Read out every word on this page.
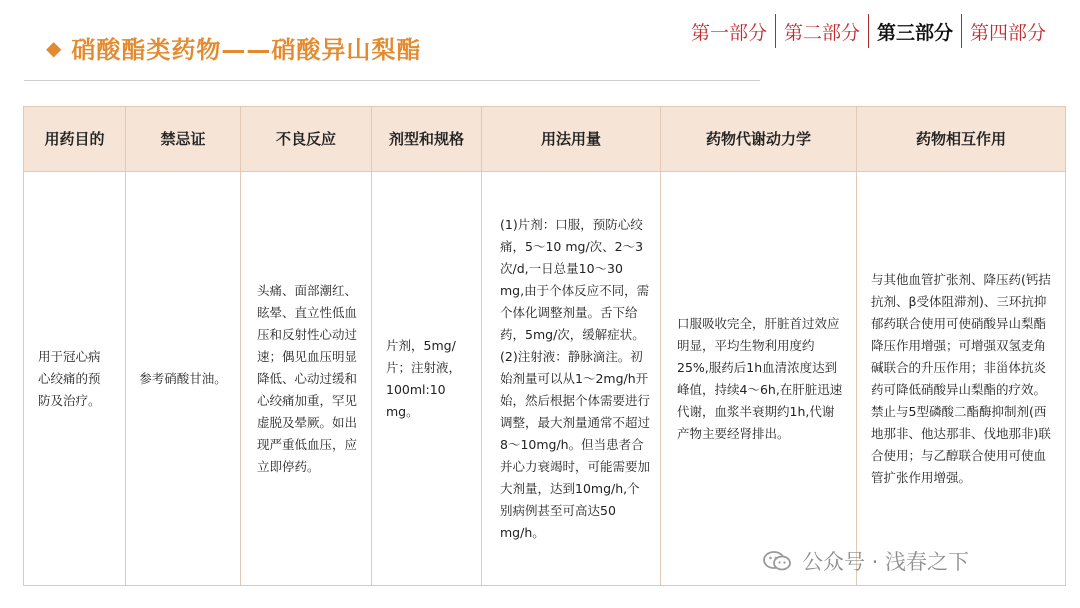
◆ 硝酸酯类药物——硝酸异山梨酯
第一部分 第二部分 第三部分 第四部分
用药目的	禁忌证	不良反应	剂型和规格	用法用量	药物代谢动力学	药物相互作用
用于冠心病心绞痛的预防及治疗。	参考硝酸甘油。	头痛、面部潮红、眩晕、直立性低血压和反射性心动过速；偶见血压明显降低、心动过缓和心绞痛加重，罕见虚脱及晕厥。如出现严重低血压，应立即停药。	片剂，5mg/片；注射液，100ml:10 mg。	(1)片剂：口服，预防心绞痛，5～10 mg/次、2～3次/d,一日总量10～30 mg,由于个体反应不同，需个体化调整剂量。舌下给药，5mg/次，缓解症状。(2)注射液：静脉滴注。初始剂量可以从1～2mg/h开始，然后根据个体需要进行调整，最大剂量通常不超过8～10mg/h。但当患者合并心力衰竭时，可能需要加大剂量，达到10mg/h,个别病例甚至可高达50 mg/h。	口服吸收完全，肝脏首过效应明显，平均生物利用度约25%,服药后1h血清浓度达到峰值，持续4～6h,在肝脏迅速代谢，血浆半衰期约1h,代谢产物主要经肾排出。	与其他血管扩张剂、降压药(钙拮抗剂、β受体阻滞剂)、三环抗抑郁药联合使用可使硝酸异山梨酯降压作用增强；可增强双氢麦角碱联合的升压作用；非甾体抗炎药可降低硝酸异山梨酯的疗效。禁止与5型磷酸二酯酶抑制剂(西地那非、他达那非、伐地那非)联合使用；与乙醇联合使用可使血管扩张作用增强。
公众号 · 浅春之下
